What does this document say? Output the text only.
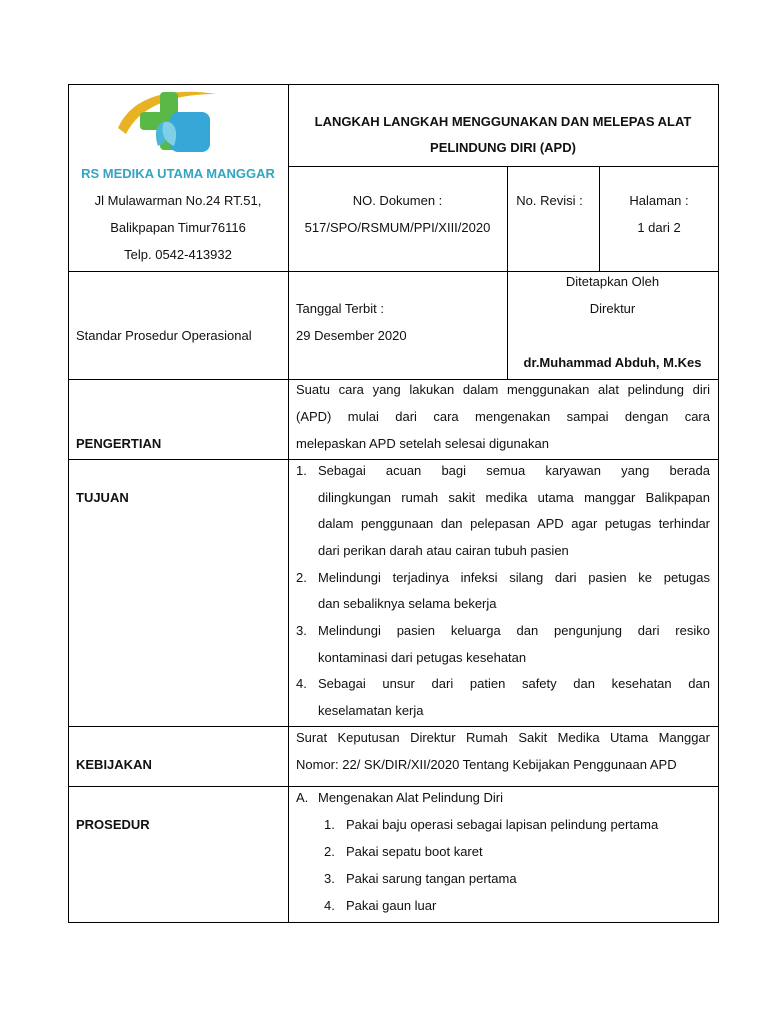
RS MEDIKA UTAMA MANGGAR
Jl Mulawarman No.24 RT.51,
Balikpapan Timur76116
Telp. 0542-413932
LANGKAH LANGKAH MENGGUNAKAN DAN MELEPAS ALAT
PELINDUNG DIRI (APD)
NO. Dokumen :
517/SPO/RSMUM/PPI/XIII/2020
No. Revisi :	Halaman :
1 dari 2
Standar Prosedur Operasional
Tanggal Terbit :
29 Desember 2020
Ditetapkan Oleh
Direktur
dr.Muhammad Abduh, M.Kes
PENGERTIAN
Suatu cara yang lakukan dalam menggunakan alat pelindung diri
(APD) mulai dari cara mengenakan sampai dengan cara
melepaskan APD setelah selesai digunakan
TUJUAN
1. Sebagai acuan bagi semua karyawan yang berada
dilingkungan rumah sakit medika utama manggar Balikpapan
dalam penggunaan dan pelepasan APD agar petugas terhindar
dari perikan darah atau cairan tubuh pasien
2. Melindungi terjadinya infeksi silang dari pasien ke petugas
dan sebaliknya selama bekerja
3. Melindungi pasien keluarga dan pengunjung dari resiko
kontaminasi dari petugas kesehatan
4. Sebagai unsur dari patien safety dan kesehatan dan
keselamatan kerja
KEBIJAKAN
Surat Keputusan Direktur Rumah Sakit Medika Utama Manggar
Nomor: 22/ SK/DIR/XII/2020 Tentang Kebijakan Penggunaan APD
PROSEDUR
A. Mengenakan Alat Pelindung Diri
1. Pakai baju operasi sebagai lapisan pelindung pertama
2. Pakai sepatu boot karet
3. Pakai sarung tangan pertama
4. Pakai gaun luar
